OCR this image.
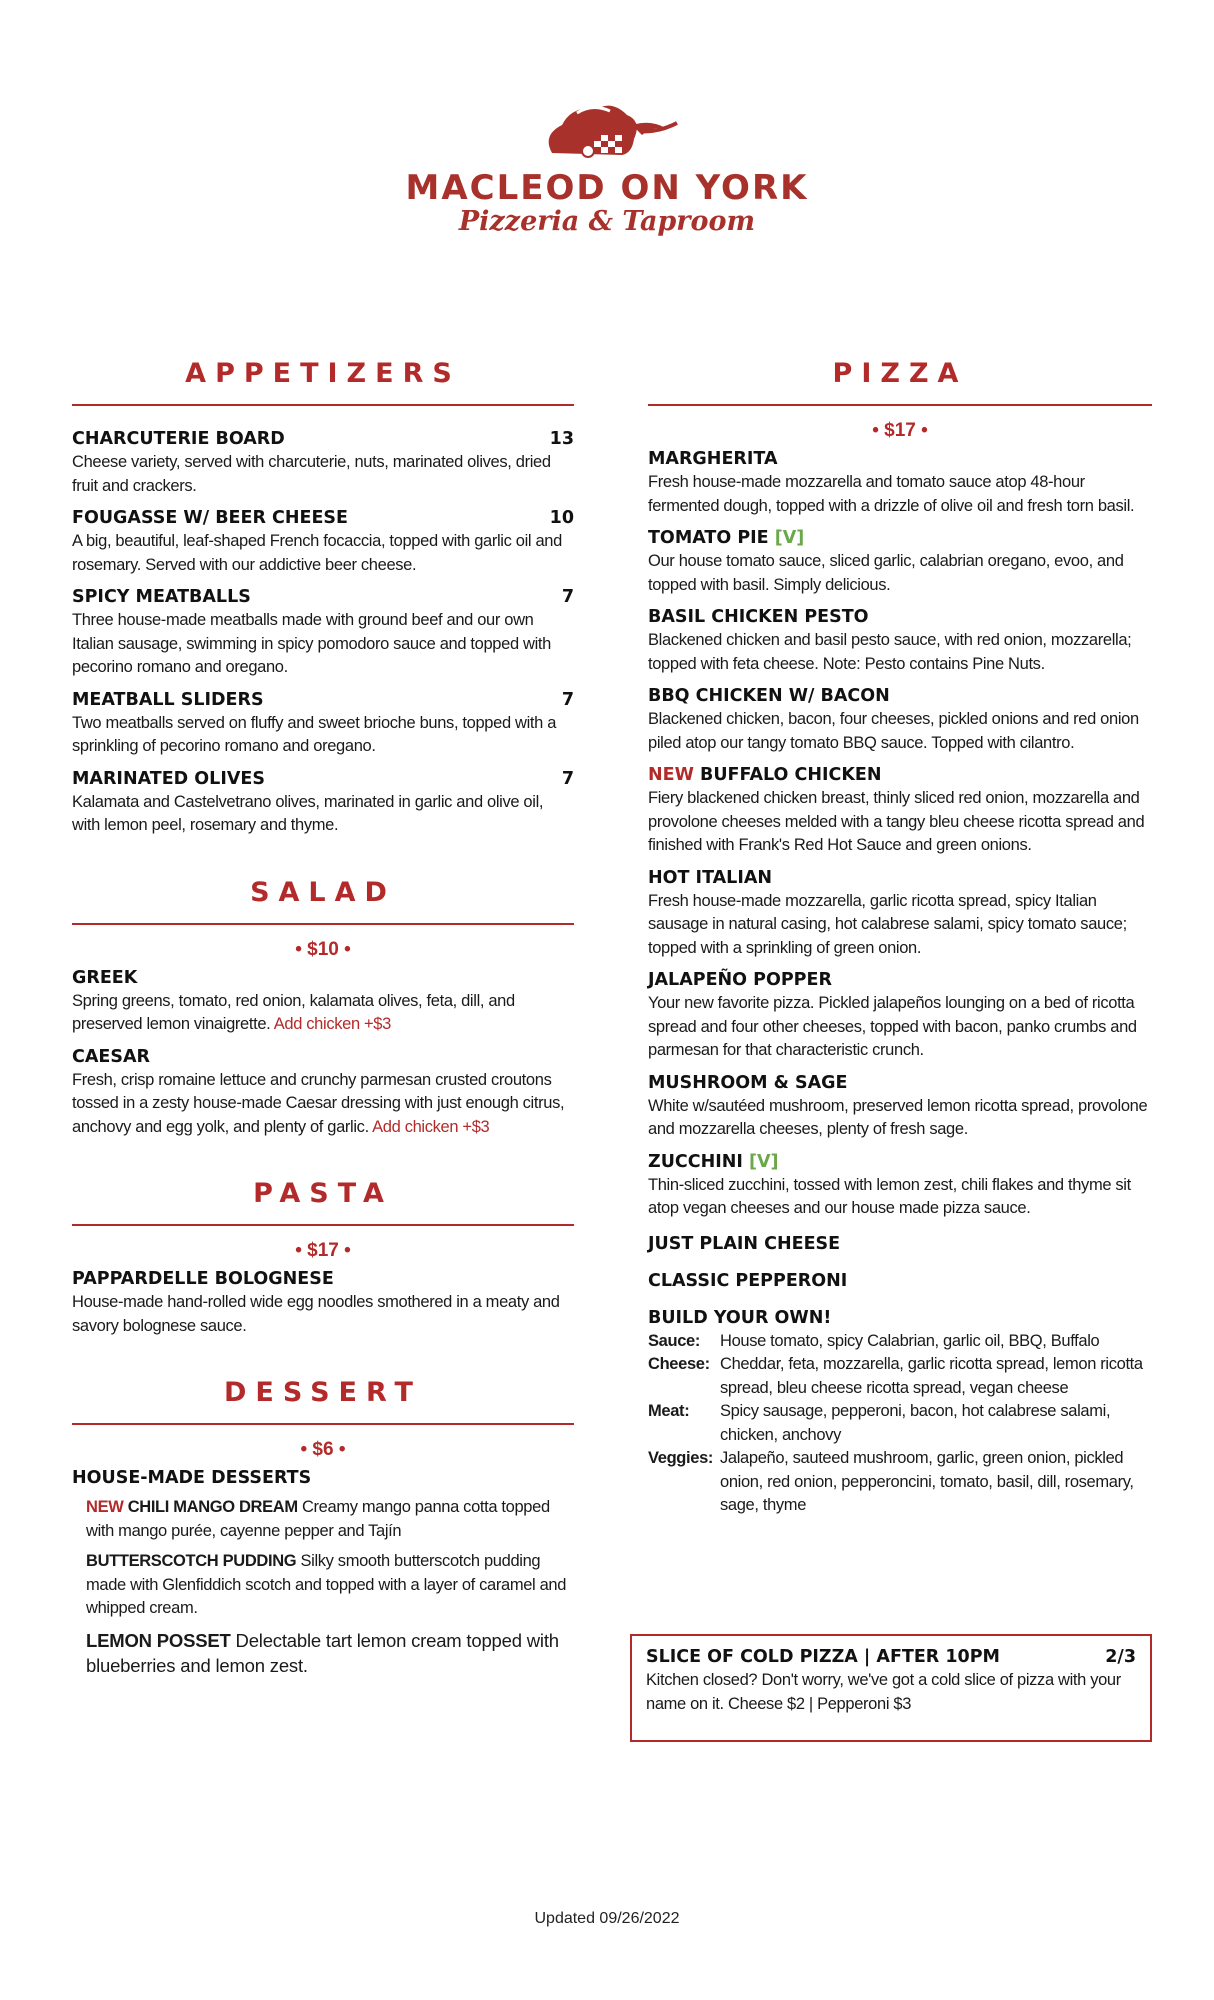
MACLEOD ON YORK
Pizzeria & Taproom
APPETIZERS
CHARCUTERIE BOARD	13
Cheese variety, served with charcuterie, nuts, marinated olives, dried fruit and crackers.
FOUGASSE W/ BEER CHEESE	10
A big, beautiful, leaf-shaped French focaccia, topped with garlic oil and rosemary. Served with our addictive beer cheese.
SPICY MEATBALLS	7
Three house-made meatballs made with ground beef and our own Italian sausage, swimming in spicy pomodoro sauce and topped with pecorino romano and oregano.
MEATBALL SLIDERS	7
Two meatballs served on fluffy and sweet brioche buns, topped with a sprinkling of pecorino romano and oregano.
MARINATED OLIVES	7
Kalamata and Castelvetrano olives, marinated in garlic and olive oil, with lemon peel, rosemary and thyme.
SALAD
• $10 •
GREEK
Spring greens, tomato, red onion, kalamata olives, feta, dill, and preserved lemon vinaigrette. Add chicken +$3
CAESAR
Fresh, crisp romaine lettuce and crunchy parmesan crusted croutons tossed in a zesty house-made Caesar dressing with just enough citrus, anchovy and egg yolk, and plenty of garlic. Add chicken +$3
PASTA
• $17 •
PAPPARDELLE BOLOGNESE
House-made hand-rolled wide egg noodles smothered in a meaty and savory bolognese sauce.
DESSERT
• $6 •
HOUSE-MADE DESSERTS
NEW CHILI MANGO DREAM Creamy mango panna cotta topped with mango purée, cayenne pepper and Tajín
BUTTERSCOTCH PUDDING Silky smooth butterscotch pudding made with Glenfiddich scotch and topped with a layer of caramel and whipped cream.
LEMON POSSET Delectable tart lemon cream topped with blueberries and lemon zest.
PIZZA
• $17 •
MARGHERITA
Fresh house-made mozzarella and tomato sauce atop 48-hour fermented dough, topped with a drizzle of olive oil and fresh torn basil.
TOMATO PIE [V]
Our house tomato sauce, sliced garlic, calabrian oregano, evoo, and topped with basil. Simply delicious.
BASIL CHICKEN PESTO
Blackened chicken and basil pesto sauce, with red onion, mozzarella; topped with feta cheese. Note: Pesto contains Pine Nuts.
BBQ CHICKEN W/ BACON
Blackened chicken, bacon, four cheeses, pickled onions and red onion piled atop our tangy tomato BBQ sauce. Topped with cilantro.
NEW BUFFALO CHICKEN
Fiery blackened chicken breast, thinly sliced red onion, mozzarella and provolone cheeses melded with a tangy bleu cheese ricotta spread and finished with Frank's Red Hot Sauce and green onions.
HOT ITALIAN
Fresh house-made mozzarella, garlic ricotta spread, spicy Italian sausage in natural casing, hot calabrese salami, spicy tomato sauce; topped with a sprinkling of green onion.
JALAPEÑO POPPER
Your new favorite pizza. Pickled jalapeños lounging on a bed of ricotta spread and four other cheeses, topped with bacon, panko crumbs and parmesan for that characteristic crunch.
MUSHROOM & SAGE
White w/sautéed mushroom, preserved lemon ricotta spread, provolone and mozzarella cheeses, plenty of fresh sage.
ZUCCHINI [V]
Thin-sliced zucchini, tossed with lemon zest, chili flakes and thyme sit atop vegan cheeses and our house made pizza sauce.
JUST PLAIN CHEESE
CLASSIC PEPPERONI
BUILD YOUR OWN!
Sauce:	House tomato, spicy Calabrian, garlic oil, BBQ, Buffalo
Cheese: Cheddar, feta, mozzarella, garlic ricotta spread, lemon ricotta spread, bleu cheese ricotta spread, vegan cheese
Meat:	Spicy sausage, pepperoni, bacon, hot calabrese salami, chicken, anchovy
Veggies: Jalapeño, sauteed mushroom, garlic, green onion, pickled onion, red onion, pepperoncini, tomato, basil, dill, rosemary, sage, thyme
SLICE OF COLD PIZZA | AFTER 10PM	2/3
Kitchen closed? Don't worry, we've got a cold slice of pizza with your name on it. Cheese $2 | Pepperoni $3
Updated 09/26/2022
